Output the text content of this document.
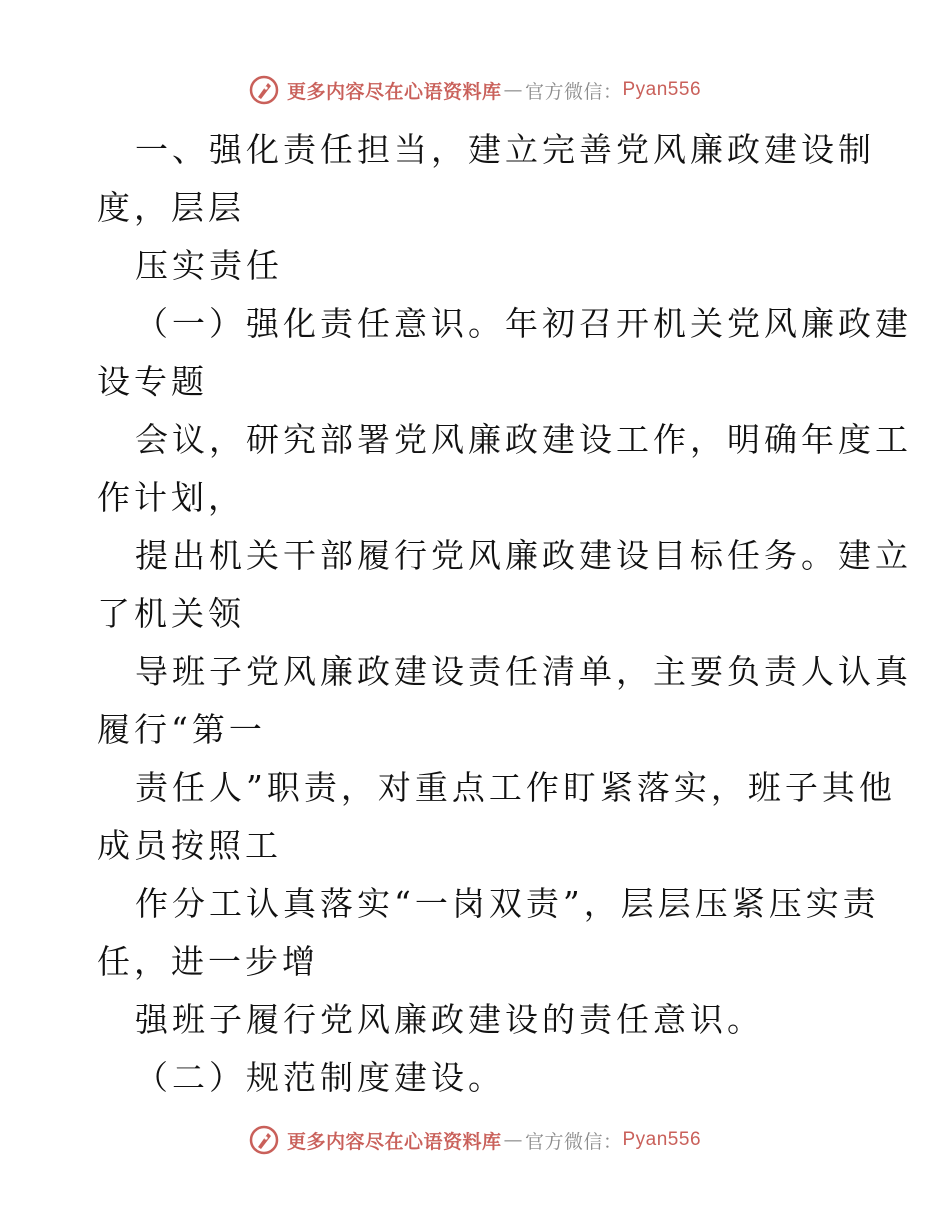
更多内容尽在心语资料库 — 官方微信： Pyan556
一、强化责任担当，建立完善党风廉政建设制
度，层层
压实责任
（一）强化责任意识。年初召开机关党风廉政建
设专题
会议，研究部署党风廉政建设工作，明确年度工
作计划，
提出机关干部履行党风廉政建设目标任务。建立
了机关领
导班子党风廉政建设责任清单，主要负责人认真
履行“第一
责任人”职责，对重点工作盯紧落实，班子其他
成员按照工
作分工认真落实“一岗双责”，层层压紧压实责
任，进一步增
强班子履行党风廉政建设的责任意识。
（二）规范制度建设。
更多内容尽在心语资料库 — 官方微信： Pyan556
